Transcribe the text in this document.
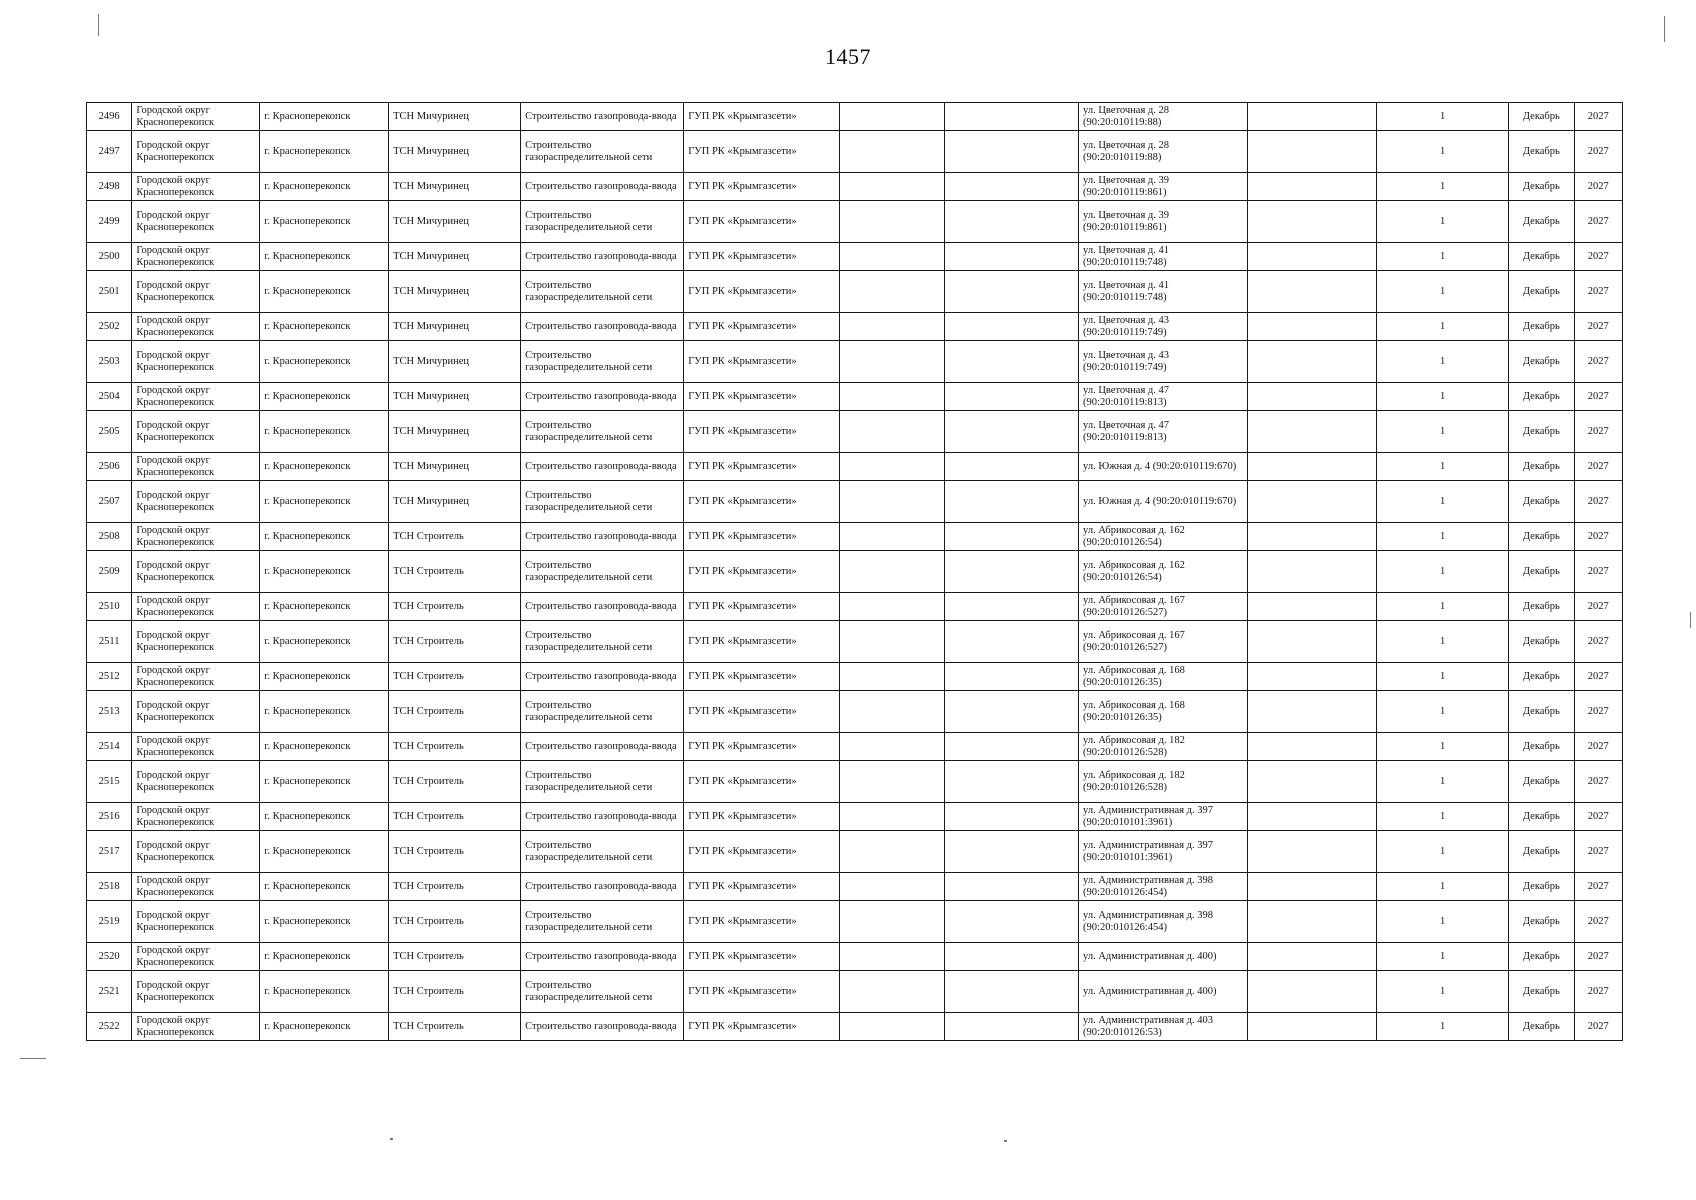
1457
2496	Городской округ Красноперекопск	г. Красноперекопск	ТСН Мичуринец	Строительство газопровода-ввода	ГУП РК «Крымгазсети»			ул. Цветочная д. 28 (90:20:010119:88)		1	Декабрь	2027
2497	Городской округ Красноперекопск	г. Красноперекопск	ТСН Мичуринец	Строительство газораспределительной сети	ГУП РК «Крымгазсети»			ул. Цветочная д. 28 (90:20:010119:88)		1	Декабрь	2027
2498	Городской округ Красноперекопск	г. Красноперекопск	ТСН Мичуринец	Строительство газопровода-ввода	ГУП РК «Крымгазсети»			ул. Цветочная д. 39 (90:20:010119:861)		1	Декабрь	2027
2499	Городской округ Красноперекопск	г. Красноперекопск	ТСН Мичуринец	Строительство газораспределительной сети	ГУП РК «Крымгазсети»			ул. Цветочная д. 39 (90:20:010119:861)		1	Декабрь	2027
2500	Городской округ Красноперекопск	г. Красноперекопск	ТСН Мичуринец	Строительство газопровода-ввода	ГУП РК «Крымгазсети»			ул. Цветочная д. 41 (90:20:010119:748)		1	Декабрь	2027
2501	Городской округ Красноперекопск	г. Красноперекопск	ТСН Мичуринец	Строительство газораспределительной сети	ГУП РК «Крымгазсети»			ул. Цветочная д. 41 (90:20:010119:748)		1	Декабрь	2027
2502	Городской округ Красноперекопск	г. Красноперекопск	ТСН Мичуринец	Строительство газопровода-ввода	ГУП РК «Крымгазсети»			ул. Цветочная д. 43 (90:20:010119:749)		1	Декабрь	2027
2503	Городской округ Красноперекопск	г. Красноперекопск	ТСН Мичуринец	Строительство газораспределительной сети	ГУП РК «Крымгазсети»			ул. Цветочная д. 43 (90:20:010119:749)		1	Декабрь	2027
2504	Городской округ Красноперекопск	г. Красноперекопск	ТСН Мичуринец	Строительство газопровода-ввода	ГУП РК «Крымгазсети»			ул. Цветочная д. 47 (90:20:010119:813)		1	Декабрь	2027
2505	Городской округ Красноперекопск	г. Красноперекопск	ТСН Мичуринец	Строительство газораспределительной сети	ГУП РК «Крымгазсети»			ул. Цветочная д. 47 (90:20:010119:813)		1	Декабрь	2027
2506	Городской округ Красноперекопск	г. Красноперекопск	ТСН Мичуринец	Строительство газопровода-ввода	ГУП РК «Крымгазсети»			ул. Южная д. 4 (90:20:010119:670)		1	Декабрь	2027
2507	Городской округ Красноперекопск	г. Красноперекопск	ТСН Мичуринец	Строительство газораспределительной сети	ГУП РК «Крымгазсети»			ул. Южная д. 4 (90:20:010119:670)		1	Декабрь	2027
2508	Городской округ Красноперекопск	г. Красноперекопск	ТСН Строитель	Строительство газопровода-ввода	ГУП РК «Крымгазсети»			ул. Абрикосовая д. 162 (90:20:010126:54)		1	Декабрь	2027
2509	Городской округ Красноперекопск	г. Красноперекопск	ТСН Строитель	Строительство газораспределительной сети	ГУП РК «Крымгазсети»			ул. Абрикосовая д. 162 (90:20:010126:54)		1	Декабрь	2027
2510	Городской округ Красноперекопск	г. Красноперекопск	ТСН Строитель	Строительство газопровода-ввода	ГУП РК «Крымгазсети»			ул. Абрикосовая д. 167 (90:20:010126:527)		1	Декабрь	2027
2511	Городской округ Красноперекопск	г. Красноперекопск	ТСН Строитель	Строительство газораспределительной сети	ГУП РК «Крымгазсети»			ул. Абрикосовая д. 167 (90:20:010126:527)		1	Декабрь	2027
2512	Городской округ Красноперекопск	г. Красноперекопск	ТСН Строитель	Строительство газопровода-ввода	ГУП РК «Крымгазсети»			ул. Абрикосовая д. 168 (90:20:010126:35)		1	Декабрь	2027
2513	Городской округ Красноперекопск	г. Красноперекопск	ТСН Строитель	Строительство газораспределительной сети	ГУП РК «Крымгазсети»			ул. Абрикосовая д. 168 (90:20:010126:35)		1	Декабрь	2027
2514	Городской округ Красноперекопск	г. Красноперекопск	ТСН Строитель	Строительство газопровода-ввода	ГУП РК «Крымгазсети»			ул. Абрикосовая д. 182 (90:20:010126:528)		1	Декабрь	2027
2515	Городской округ Красноперекопск	г. Красноперекопск	ТСН Строитель	Строительство газораспределительной сети	ГУП РК «Крымгазсети»			ул. Абрикосовая д. 182 (90:20:010126:528)		1	Декабрь	2027
2516	Городской округ Красноперекопск	г. Красноперекопск	ТСН Строитель	Строительство газопровода-ввода	ГУП РК «Крымгазсети»			ул. Административная д. 397 (90:20:010101:3961)		1	Декабрь	2027
2517	Городской округ Красноперекопск	г. Красноперекопск	ТСН Строитель	Строительство газораспределительной сети	ГУП РК «Крымгазсети»			ул. Административная д. 397 (90:20:010101:3961)		1	Декабрь	2027
2518	Городской округ Красноперекопск	г. Красноперекопск	ТСН Строитель	Строительство газопровода-ввода	ГУП РК «Крымгазсети»			ул. Административная д. 398 (90:20:010126:454)		1	Декабрь	2027
2519	Городской округ Красноперекопск	г. Красноперекопск	ТСН Строитель	Строительство газораспределительной сети	ГУП РК «Крымгазсети»			ул. Административная д. 398 (90:20:010126:454)		1	Декабрь	2027
2520	Городской округ Красноперекопск	г. Красноперекопск	ТСН Строитель	Строительство газопровода-ввода	ГУП РК «Крымгазсети»			ул. Административная д. 400)		1	Декабрь	2027
2521	Городской округ Красноперекопск	г. Красноперекопск	ТСН Строитель	Строительство газораспределительной сети	ГУП РК «Крымгазсети»			ул. Административная д. 400)		1	Декабрь	2027
2522	Городской округ Красноперекопск	г. Красноперекопск	ТСН Строитель	Строительство газопровода-ввода	ГУП РК «Крымгазсети»			ул. Административная д. 403 (90:20:010126:53)		1	Декабрь	2027
